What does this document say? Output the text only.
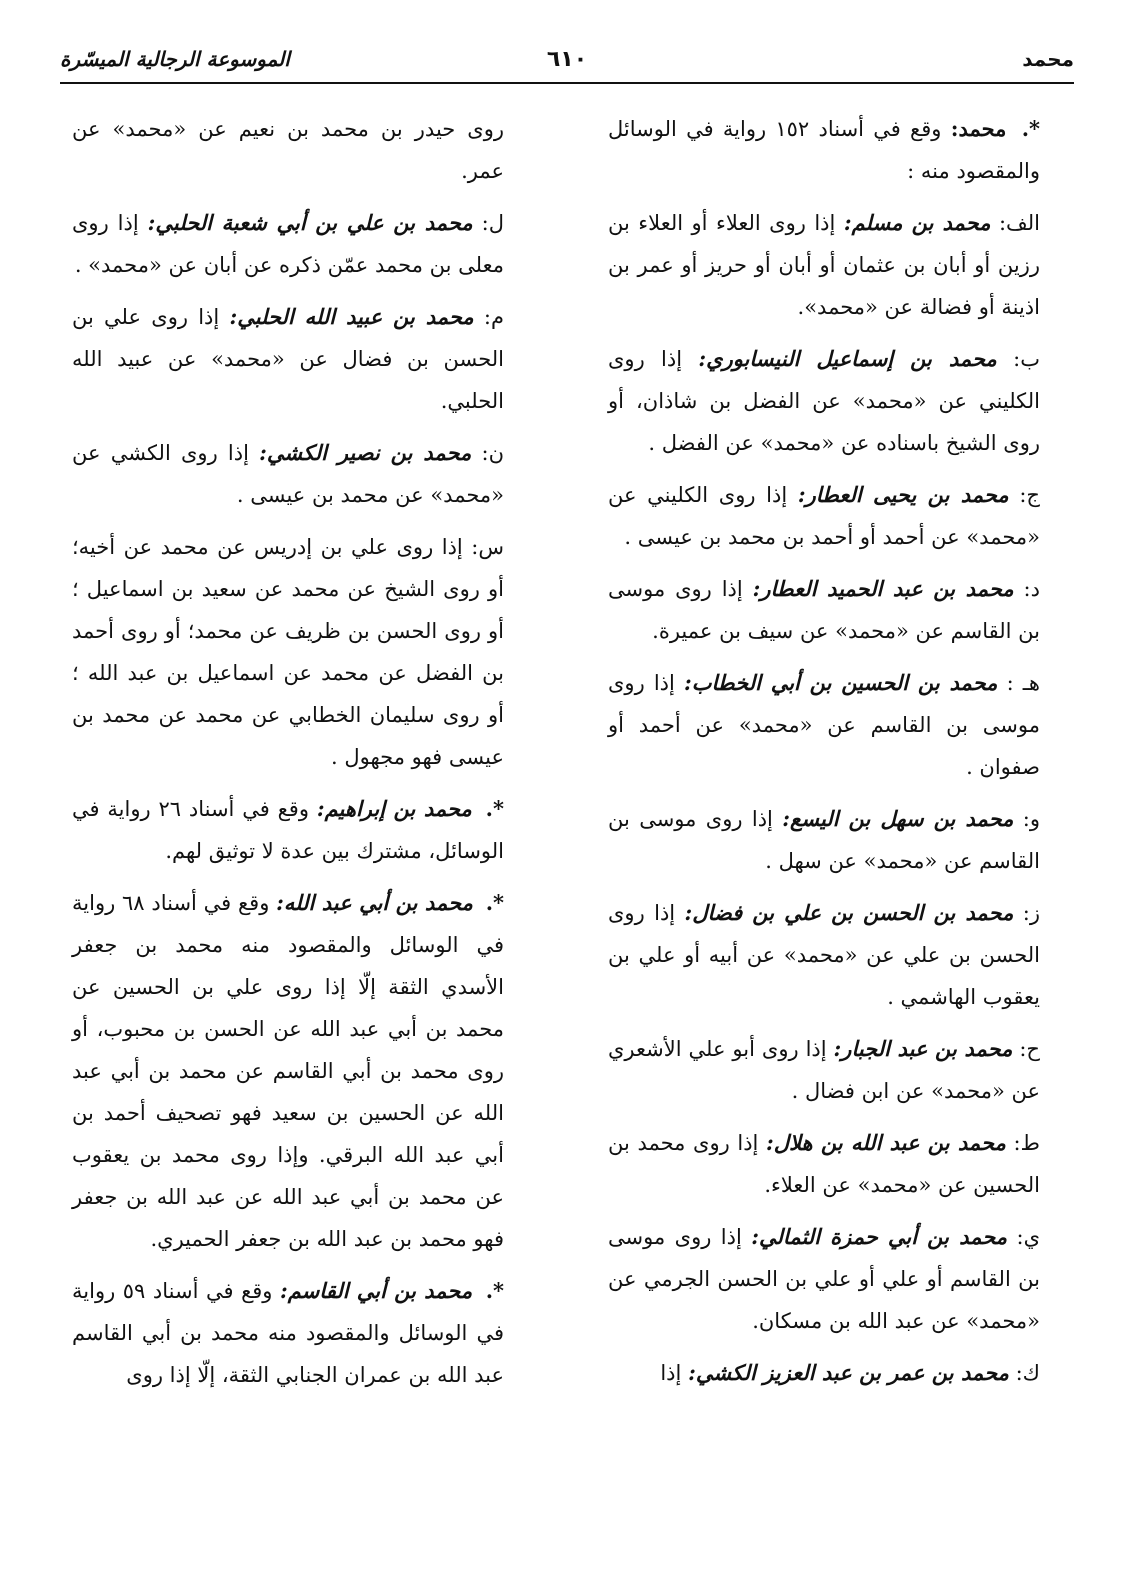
محمد
٦١٠
الموسوعة الرجالية الميسّرة

*. محمد: وقع في أسناد ١٥٢ رواية في الوسائل والمقصود منه :

الف: محمد بن مسلم: إذا روى العلاء أو العلاء بن رزين أو أبان بن عثمان أو أبان أو حريز أو عمر بن اذينة أو فضالة عن «محمد».

ب: محمد بن إسماعيل النيسابوري: إذا روى الكليني عن «محمد» عن الفضل بن شاذان، أو روى الشيخ باسناده عن «محمد» عن الفضل .

ج: محمد بن يحيى العطار: إذا روى الكليني عن «محمد» عن أحمد أو أحمد بن محمد بن عيسى .

د: محمد بن عبد الحميد العطار: إذا روى موسى بن القاسم عن «محمد» عن سيف بن عميرة.

هـ : محمد بن الحسين بن أبي الخطاب: إذا روى موسى بن القاسم عن «محمد» عن أحمد أو صفوان .

و: محمد بن سهل بن اليسع: إذا روى موسى بن القاسم عن «محمد» عن سهل .

ز: محمد بن الحسن بن علي بن فضال: إذا روى الحسن بن علي عن «محمد» عن أبيه أو علي بن يعقوب الهاشمي .

ح: محمد بن عبد الجبار: إذا روى أبو علي الأشعري عن «محمد» عن ابن فضال .

ط: محمد بن عبد الله بن هلال: إذا روى محمد بن الحسين عن «محمد» عن العلاء.

ي: محمد بن أبي حمزة الثمالي: إذا روى موسى بن القاسم أو علي أو علي بن الحسن الجرمي عن «محمد» عن عبد الله بن مسكان.

ك: محمد بن عمر بن عبد العزيز الكشي: إذا

روى حيدر بن محمد بن نعيم عن «محمد» عن عمر.

ل: محمد بن علي بن أبي شعبة الحلبي: إذا روى معلى بن محمد عمّن ذكره عن أبان عن «محمد» .

م: محمد بن عبيد الله الحلبي: إذا روى علي بن الحسن بن فضال عن «محمد» عن عبيد الله الحلبي.

ن: محمد بن نصير الكشي: إذا روى الكشي عن «محمد» عن محمد بن عيسى .

س: إذا روى علي بن إدريس عن محمد عن أخيه؛ أو روى الشيخ عن محمد عن سعيد بن اسماعيل ؛ أو روى الحسن بن ظريف عن محمد؛ أو روى أحمد بن الفضل عن محمد عن اسماعيل بن عبد الله ؛ أو روى سليمان الخطابي عن محمد عن محمد بن عيسى فهو مجهول .

*. محمد بن إبراهيم: وقع في أسناد ٢٦ رواية في الوسائل، مشترك بين عدة لا توثيق لهم.

*. محمد بن أبي عبد الله: وقع في أسناد ٦٨ رواية في الوسائل والمقصود منه محمد بن جعفر الأسدي الثقة إلّا إذا روى علي بن الحسين عن محمد بن أبي عبد الله عن الحسن بن محبوب، أو روى محمد بن أبي القاسم عن محمد بن أبي عبد الله عن الحسين بن سعيد فهو تصحيف أحمد بن أبي عبد الله البرقي. وإذا روى محمد بن يعقوب عن محمد بن أبي عبد الله عن عبد الله بن جعفر فهو محمد بن عبد الله بن جعفر الحميري.

*. محمد بن أبي القاسم: وقع في أسناد ٥٩ رواية في الوسائل والمقصود منه محمد بن أبي القاسم عبد الله بن عمران الجنابي الثقة، إلّا إذا روى
